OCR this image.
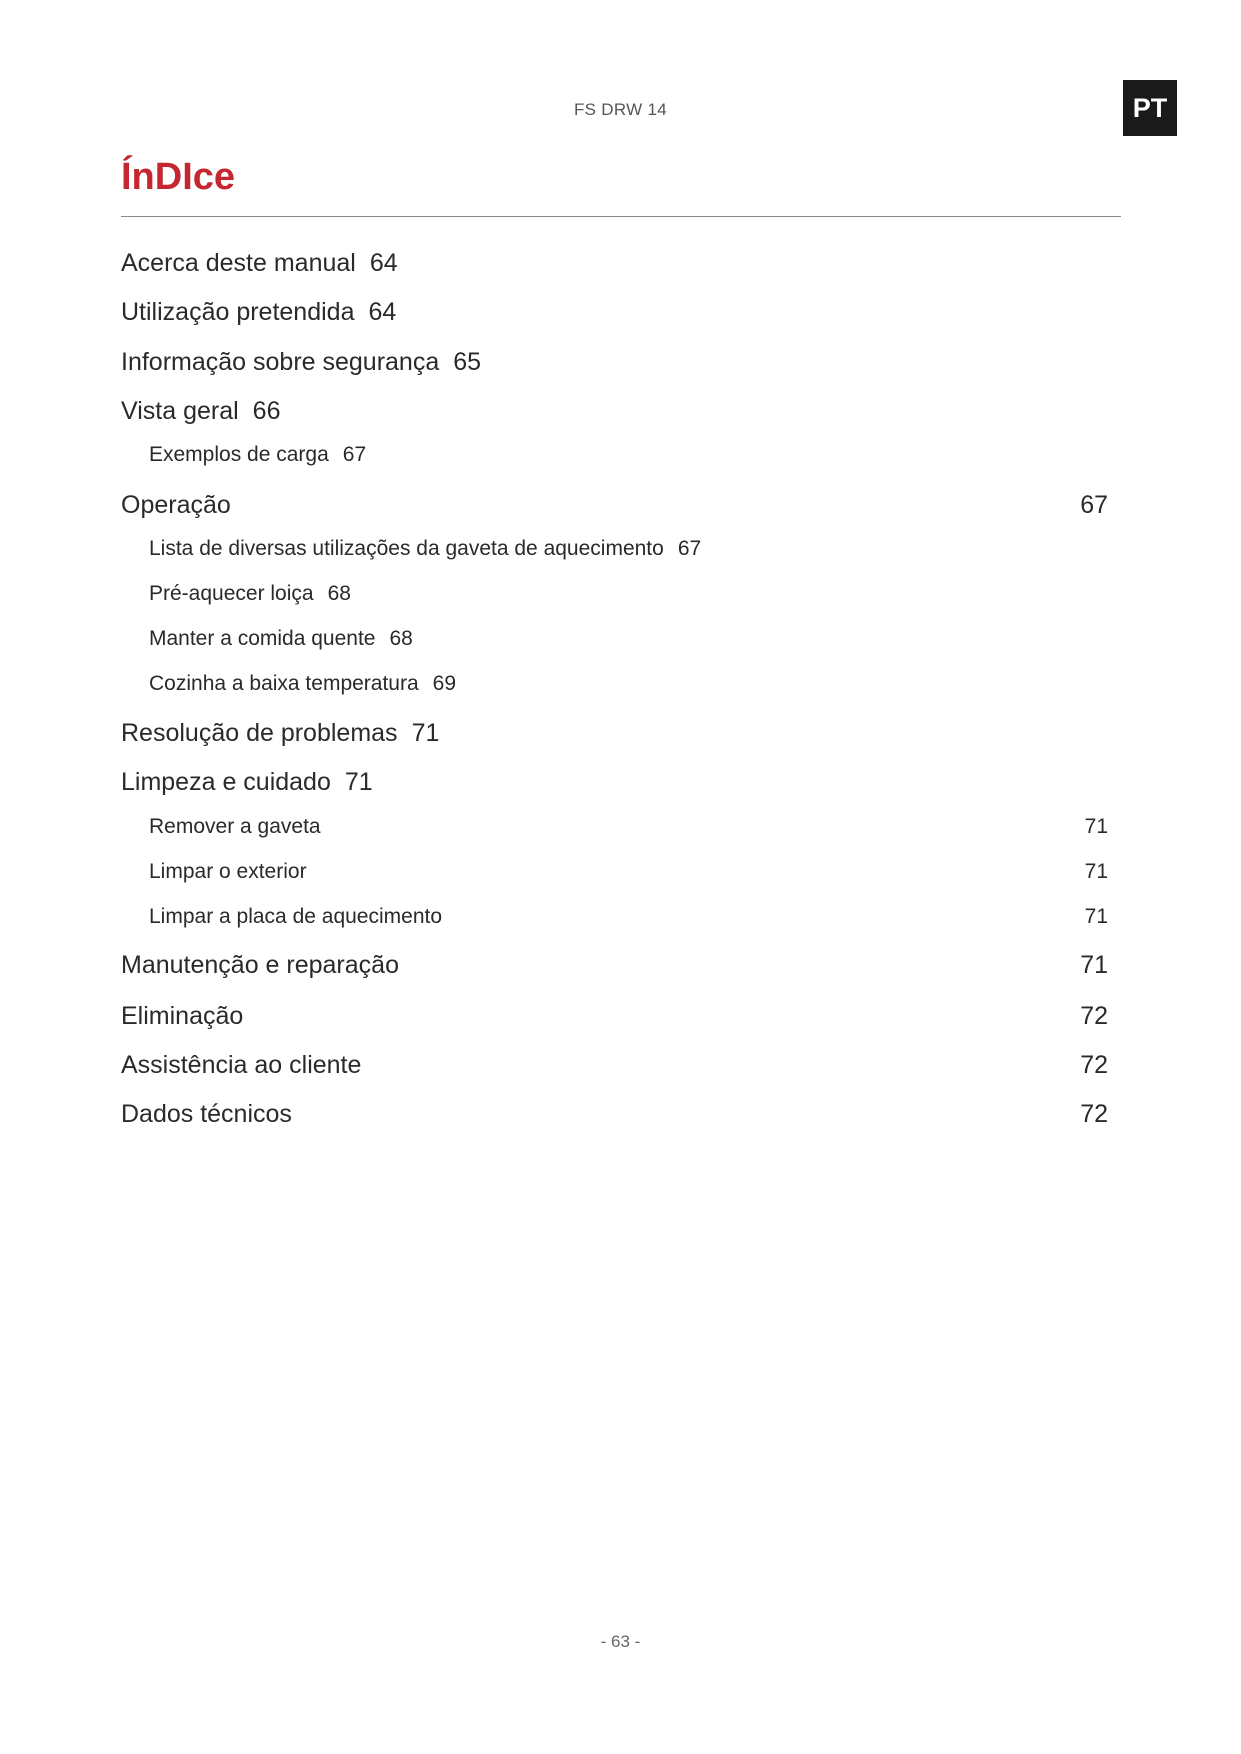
FS DRW 14	PT
ÍnDIce
Acerca deste manual 64
Utilização pretendida 64
Informação sobre segurança 65
Vista geral 66
Exemplos de carga 67
Operação	67
Lista de diversas utilizações da gaveta de aquecimento 67
Pré-aquecer loiça 68
Manter a comida quente 68
Cozinha a baixa temperatura 69
Resolução de problemas 71
Limpeza e cuidado 71
Remover a gaveta	71
Limpar o exterior	71
Limpar a placa de aquecimento	71
Manutenção e reparação	71
Eliminação	72
Assistência ao cliente	72
Dados técnicos	72
- 63 -
